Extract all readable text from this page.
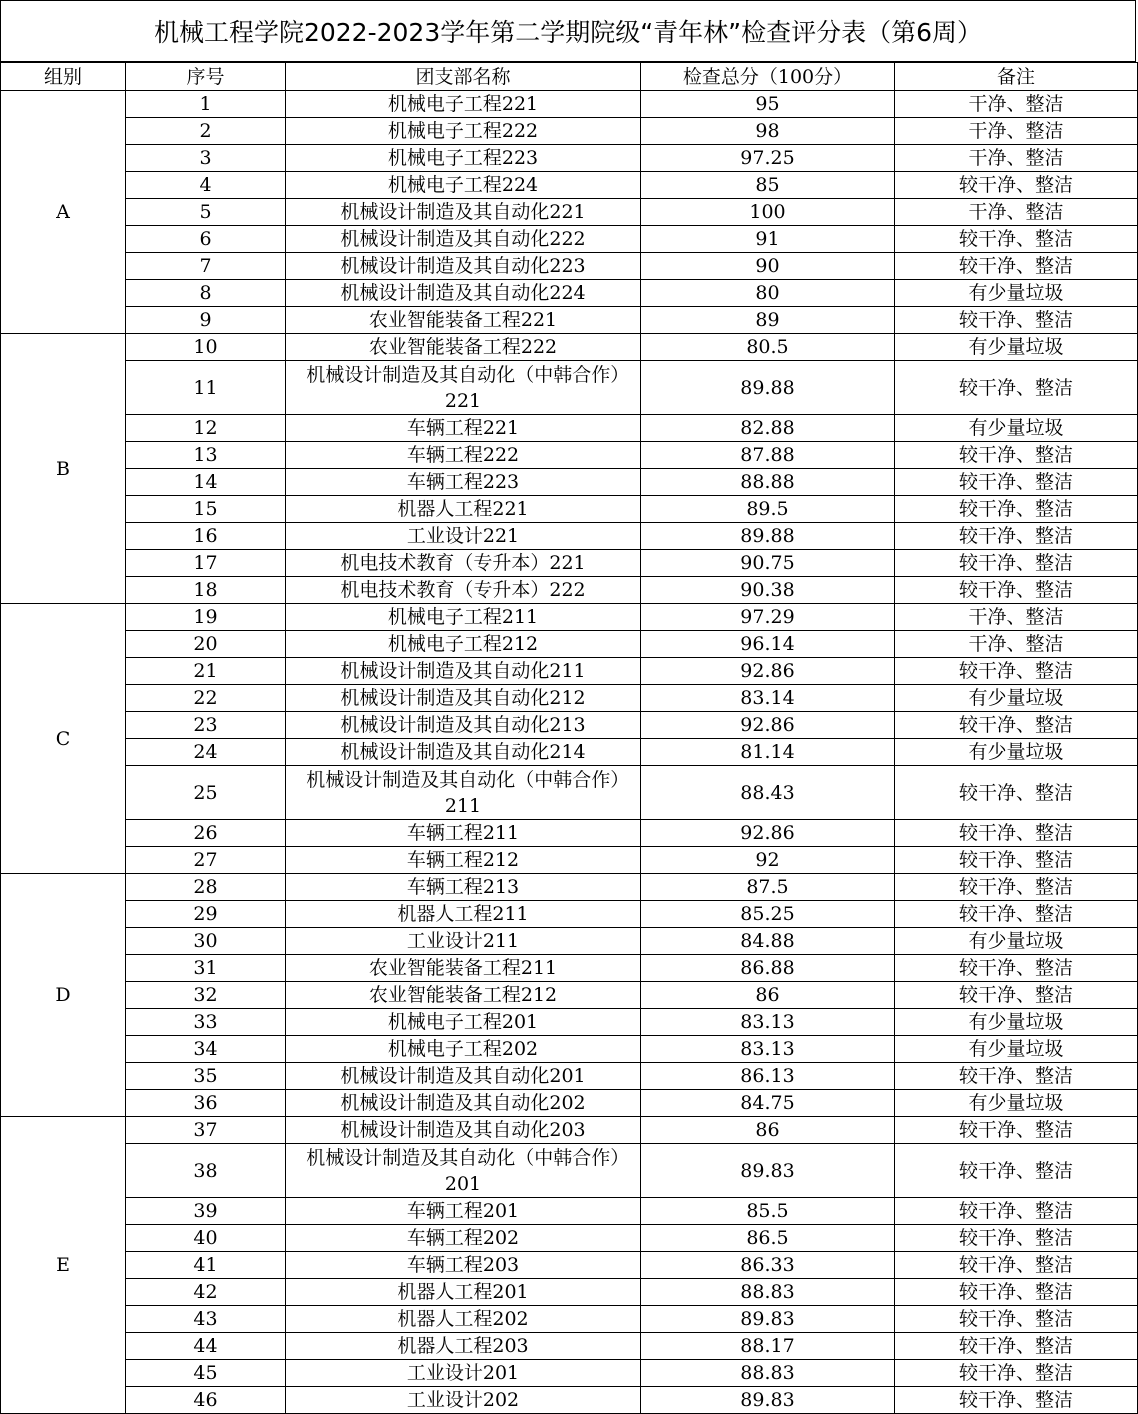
机械工程学院2022-2023学年第二学期院级“青年林”检查评分表（第6周）
组别	序号	团支部名称	检查总分（100分）	备注
A	1	机械电子工程221	95	干净、整洁
	2	机械电子工程222	98	干净、整洁
	3	机械电子工程223	97.25	干净、整洁
	4	机械电子工程224	85	较干净、整洁
	5	机械设计制造及其自动化221	100	干净、整洁
	6	机械设计制造及其自动化222	91	较干净、整洁
	7	机械设计制造及其自动化223	90	较干净、整洁
	8	机械设计制造及其自动化224	80	有少量垃圾
	9	农业智能装备工程221	89	较干净、整洁
B	10	农业智能装备工程222	80.5	有少量垃圾
	11	机械设计制造及其自动化（中韩合作）221	89.88	较干净、整洁
	12	车辆工程221	82.88	有少量垃圾
	13	车辆工程222	87.88	较干净、整洁
	14	车辆工程223	88.88	较干净、整洁
	15	机器人工程221	89.5	较干净、整洁
	16	工业设计221	89.88	较干净、整洁
	17	机电技术教育（专升本）221	90.75	较干净、整洁
	18	机电技术教育（专升本）222	90.38	较干净、整洁
C	19	机械电子工程211	97.29	干净、整洁
	20	机械电子工程212	96.14	干净、整洁
	21	机械设计制造及其自动化211	92.86	较干净、整洁
	22	机械设计制造及其自动化212	83.14	有少量垃圾
	23	机械设计制造及其自动化213	92.86	较干净、整洁
	24	机械设计制造及其自动化214	81.14	有少量垃圾
	25	机械设计制造及其自动化（中韩合作）211	88.43	较干净、整洁
	26	车辆工程211	92.86	较干净、整洁
	27	车辆工程212	92	较干净、整洁
D	28	车辆工程213	87.5	较干净、整洁
	29	机器人工程211	85.25	较干净、整洁
	30	工业设计211	84.88	有少量垃圾
	31	农业智能装备工程211	86.88	较干净、整洁
	32	农业智能装备工程212	86	较干净、整洁
	33	机械电子工程201	83.13	有少量垃圾
	34	机械电子工程202	83.13	有少量垃圾
	35	机械设计制造及其自动化201	86.13	较干净、整洁
	36	机械设计制造及其自动化202	84.75	有少量垃圾
E	37	机械设计制造及其自动化203	86	较干净、整洁
	38	机械设计制造及其自动化（中韩合作）201	89.83	较干净、整洁
	39	车辆工程201	85.5	较干净、整洁
	40	车辆工程202	86.5	较干净、整洁
	41	车辆工程203	86.33	较干净、整洁
	42	机器人工程201	88.83	较干净、整洁
	43	机器人工程202	89.83	较干净、整洁
	44	机器人工程203	88.17	较干净、整洁
	45	工业设计201	88.83	较干净、整洁
	46	工业设计202	89.83	较干净、整洁
